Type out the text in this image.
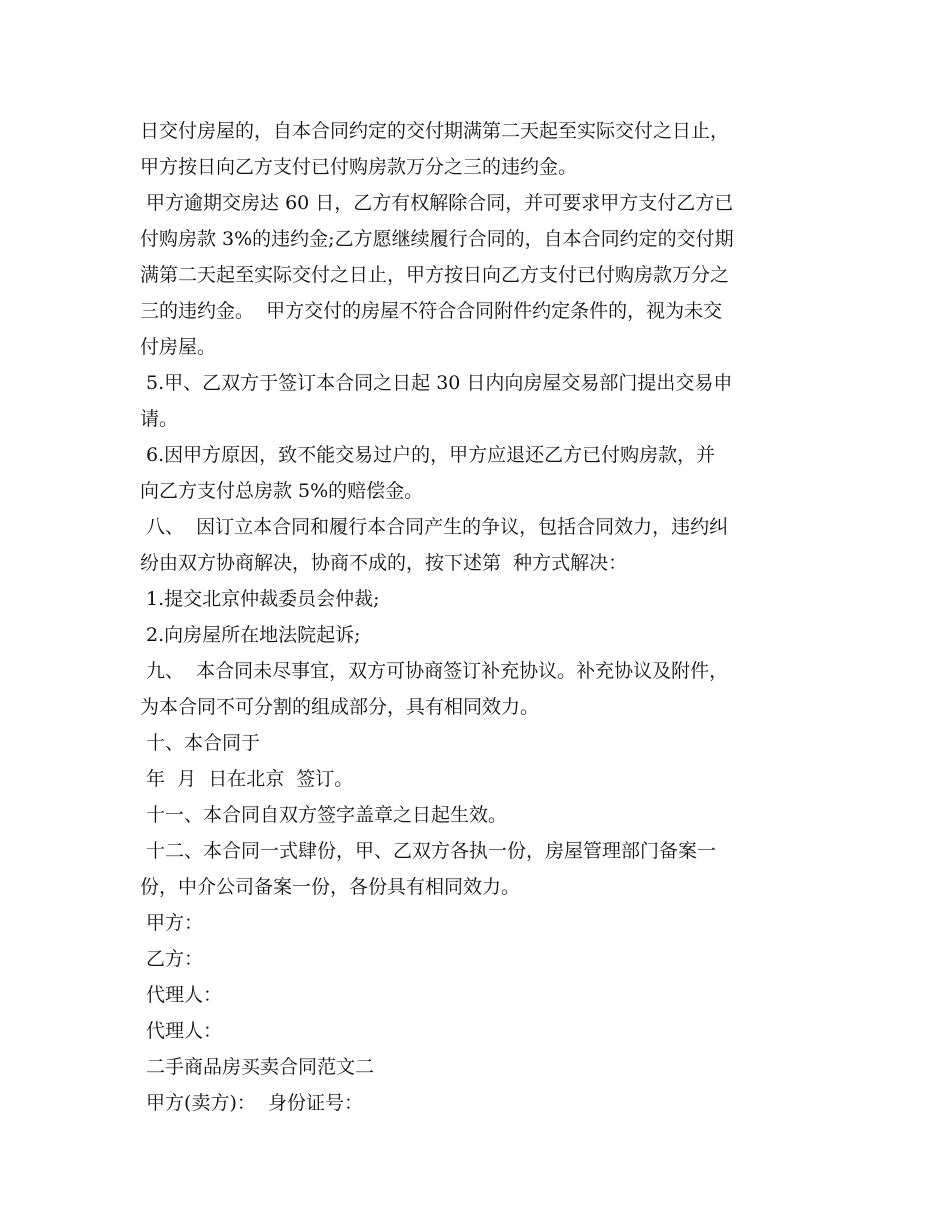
日交付房屋的，自本合同约定的交付期满第二天起至实际交付之日止，
甲方按日向乙方支付已付购房款万分之三的违约金。
甲方逾期交房达 60 日，乙方有权解除合同，并可要求甲方支付乙方已
付购房款 3%的违约金;乙方愿继续履行合同的，自本合同约定的交付期
满第二天起至实际交付之日止，甲方按日向乙方支付已付购房款万分之
三的违约金。  甲方交付的房屋不符合合同附件约定条件的，视为未交
付房屋。
5.甲、乙双方于签订本合同之日起 30 日内向房屋交易部门提出交易申
请。
6.因甲方原因，致不能交易过户的，甲方应退还乙方已付购房款，并
向乙方支付总房款 5%的赔偿金。
八、  因订立本合同和履行本合同产生的争议，包括合同效力，违约纠
纷由双方协商解决，协商不成的，按下述第  种方式解决：
1.提交北京仲裁委员会仲裁;
2.向房屋所在地法院起诉;
九、  本合同未尽事宜，双方可协商签订补充协议。补充协议及附件，
为本合同不可分割的组成部分，具有相同效力。
十、本合同于
年  月  日在北京  签订。
十一、本合同自双方签字盖章之日起生效。
十二、本合同一式肆份，甲、乙双方各执一份，房屋管理部门备案一
份，中介公司备案一份，各份具有相同效力。
甲方：
乙方：
代理人：
代理人：
二手商品房买卖合同范文二
甲方(卖方)：  身份证号：
